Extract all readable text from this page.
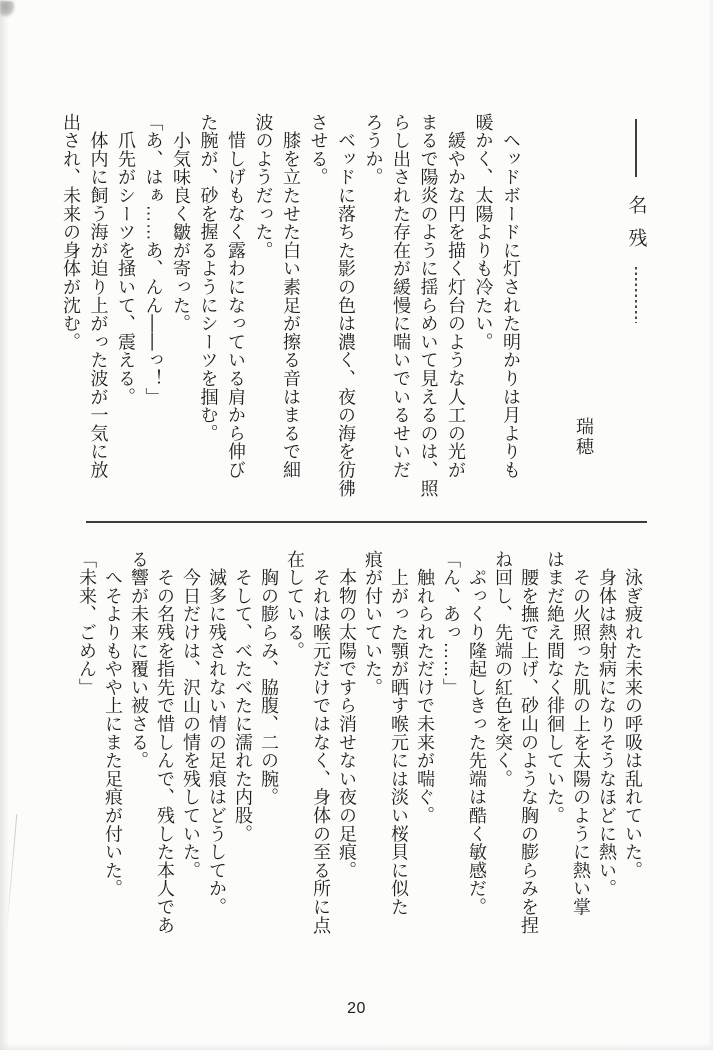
名残
瑞穂
　ヘッドボードに灯された明かりは月よりも
暖かく、太陽よりも冷たい。
　緩やかな円を描く灯台のような人工の光が
まるで陽炎のように揺らめいて見えるのは、照
らし出された存在が緩慢に喘いでいるせいだ
ろうか。
　ベッドに落ちた影の色は濃く、夜の海を彷彿
させる。
　膝を立たせた白い素足が擦る音はまるで細
波のようだった。
　惜しげもなく露わになっている肩から伸び
た腕が、砂を握るようにシーツを掴む。
　小気味良く皺が寄った。
「あ、はぁ……あ、んん――っ！」
　爪先がシーツを掻いて、震える。
　体内に飼う海が迫り上がった波が一気に放
出され、未来の身体が沈む。
　泳ぎ疲れた未来の呼吸は乱れていた。
　身体は熱射病になりそうなほどに熱い。
　その火照った肌の上を太陽のように熱い掌
はまだ絶え間なく徘徊していた。
　腰を撫で上げ、砂山のような胸の膨らみを捏
ね回し、先端の紅色を突く。
　ぷっくり隆起しきった先端は酷く敏感だ。
「ん、あっ……」
　触れられただけで未来が喘ぐ。
　上がった顎が晒す喉元には淡い桜貝に似た
痕が付いていた。
　本物の太陽ですら消せない夜の足痕。
　それは喉元だけではなく、身体の至る所に点
在している。
　胸の膨らみ、脇腹、二の腕。
　そして、べたべたに濡れた内股。
　滅多に残されない情の足痕はどうしてか。
　今日だけは、沢山の情を残していた。
　その名残を指先で惜しんで、残した本人であ
る響が未来に覆い被さる。
　へそよりもやや上にまた足痕が付いた。
「未来、ごめん」
20
